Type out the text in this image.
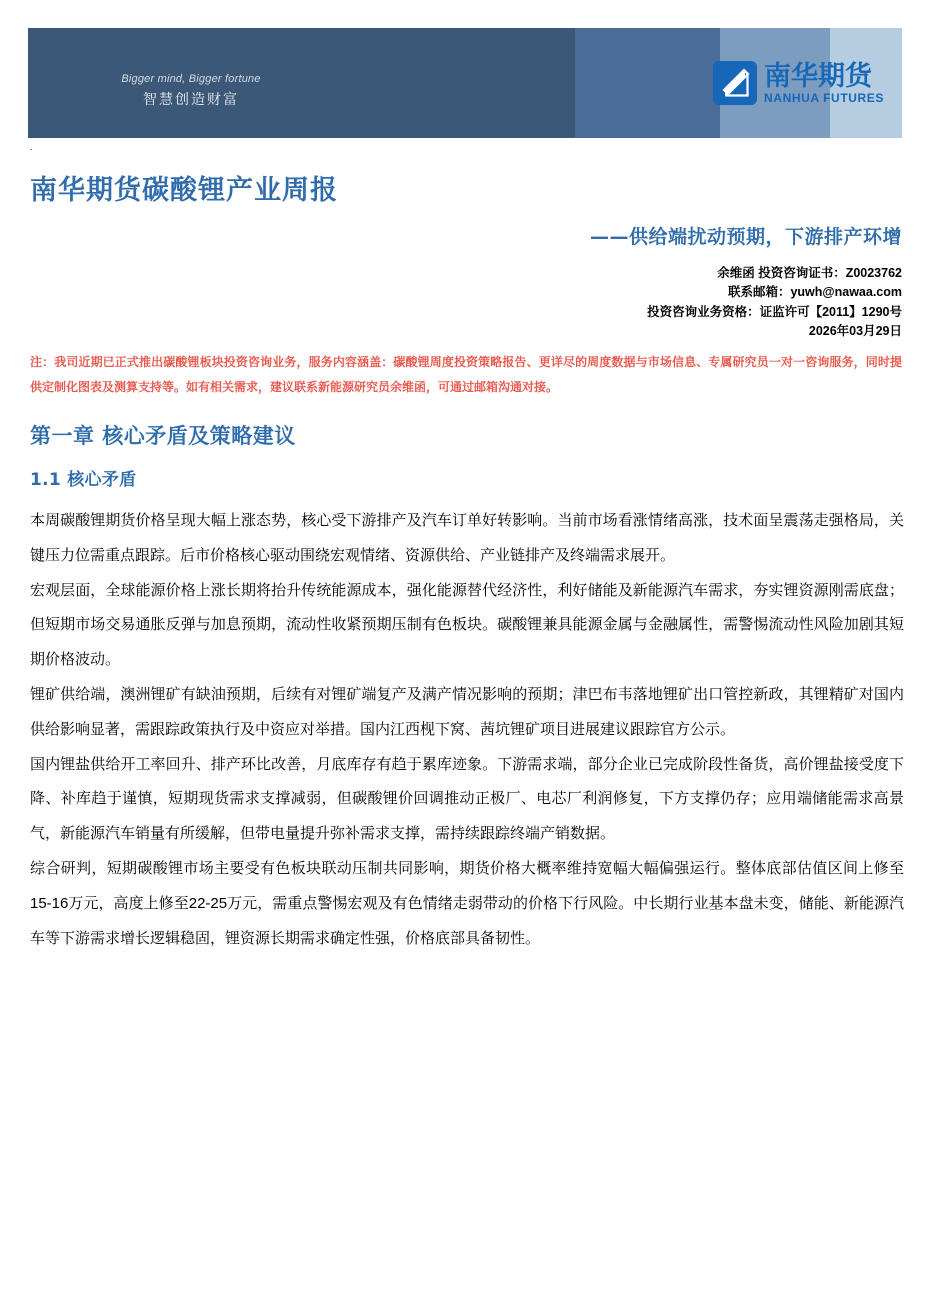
Bigger mind, Bigger fortune
智慧创造财富
南华期货
NANHUA FUTURES
.
南华期货碳酸锂产业周报
——供给端扰动预期，下游排产环增
余维函 投资咨询证书：Z0023762
联系邮箱：yuwh@nawaa.com
投资咨询业务资格：证监许可【2011】1290号
2026年03月29日
注：我司近期已正式推出碳酸锂板块投资咨询业务，服务内容涵盖：碳酸锂周度投资策略报告、更详尽的周度数据与市场信息、专属研究员一对一咨询服务，同时提供定制化图表及测算支持等。如有相关需求，建议联系新能源研究员余维函，可通过邮箱沟通对接。
第一章 核心矛盾及策略建议
1.1 核心矛盾

本周碳酸锂期货价格呈现大幅上涨态势，核心受下游排产及汽车订单好转影响。当前市场看涨情绪高涨，技术面呈震荡走强格局，关键压力位需重点跟踪。后市价格核心驱动围绕宏观情绪、资源供给、产业链排产及终端需求展开。

宏观层面，全球能源价格上涨长期将抬升传统能源成本，强化能源替代经济性，利好储能及新能源汽车需求，夯实锂资源刚需底盘；但短期市场交易通胀反弹与加息预期，流动性收紧预期压制有色板块。碳酸锂兼具能源金属与金融属性，需警惕流动性风险加剧其短期价格波动。

锂矿供给端，澳洲锂矿有缺油预期，后续有对锂矿端复产及满产情况影响的预期；津巴布韦落地锂矿出口管控新政，其锂精矿对国内供给影响显著，需跟踪政策执行及中资应对举措。国内江西枧下窝、茜坑锂矿项目进展建议跟踪官方公示。

国内锂盐供给开工率回升、排产环比改善，月底库存有趋于累库迹象。下游需求端，部分企业已完成阶段性备货，高价锂盐接受度下降、补库趋于谨慎，短期现货需求支撑减弱，但碳酸锂价回调推动正极厂、电芯厂利润修复，下方支撑仍存；应用端储能需求高景气，新能源汽车销量有所缓解，但带电量提升弥补需求支撑，需持续跟踪终端产销数据。

综合研判，短期碳酸锂市场主要受有色板块联动压制共同影响，期货价格大概率维持宽幅大幅偏强运行。整体底部估值区间上修至15-16万元，高度上修至22-25万元，需重点警惕宏观及有色情绪走弱带动的价格下行风险。中长期行业基本盘未变，储能、新能源汽车等下游需求增长逻辑稳固，锂资源长期需求确定性强，价格底部具备韧性。
